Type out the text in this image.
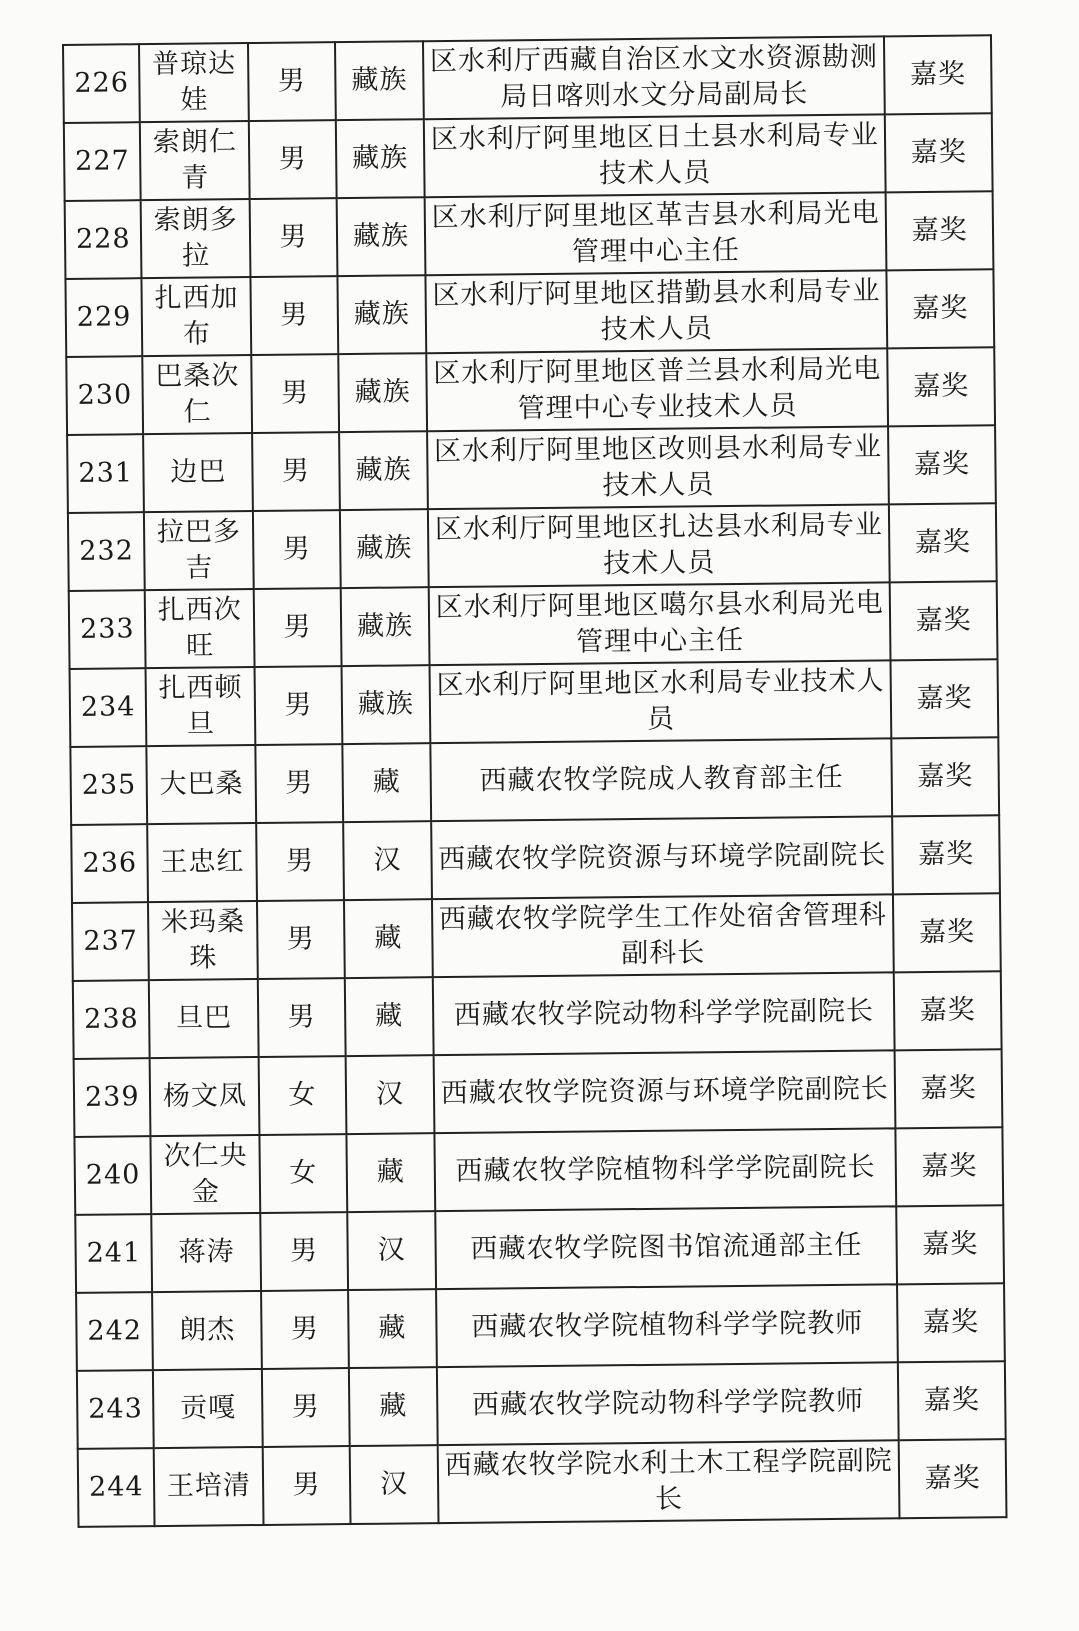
226	普琼达娃	男	藏族	区水利厅西藏自治区水文水资源勘测局日喀则水文分局副局长	嘉奖
227	索朗仁青	男	藏族	区水利厅阿里地区日土县水利局专业技术人员	嘉奖
228	索朗多拉	男	藏族	区水利厅阿里地区革吉县水利局光电管理中心主任	嘉奖
229	扎西加布	男	藏族	区水利厅阿里地区措勤县水利局专业技术人员	嘉奖
230	巴桑次仁	男	藏族	区水利厅阿里地区普兰县水利局光电管理中心专业技术人员	嘉奖
231	边巴	男	藏族	区水利厅阿里地区改则县水利局专业技术人员	嘉奖
232	拉巴多吉	男	藏族	区水利厅阿里地区扎达县水利局专业技术人员	嘉奖
233	扎西次旺	男	藏族	区水利厅阿里地区噶尔县水利局光电管理中心主任	嘉奖
234	扎西顿旦	男	藏族	区水利厅阿里地区水利局专业技术人员	嘉奖
235	大巴桑	男	藏	西藏农牧学院成人教育部主任	嘉奖
236	王忠红	男	汉	西藏农牧学院资源与环境学院副院长	嘉奖
237	米玛桑珠	男	藏	西藏农牧学院学生工作处宿舍管理科副科长	嘉奖
238	旦巴	男	藏	西藏农牧学院动物科学学院副院长	嘉奖
239	杨文凤	女	汉	西藏农牧学院资源与环境学院副院长	嘉奖
240	次仁央金	女	藏	西藏农牧学院植物科学学院副院长	嘉奖
241	蒋涛	男	汉	西藏农牧学院图书馆流通部主任	嘉奖
242	朗杰	男	藏	西藏农牧学院植物科学学院教师	嘉奖
243	贡嘎	男	藏	西藏农牧学院动物科学学院教师	嘉奖
244	王培清	男	汉	西藏农牧学院水利土木工程学院副院长	嘉奖
